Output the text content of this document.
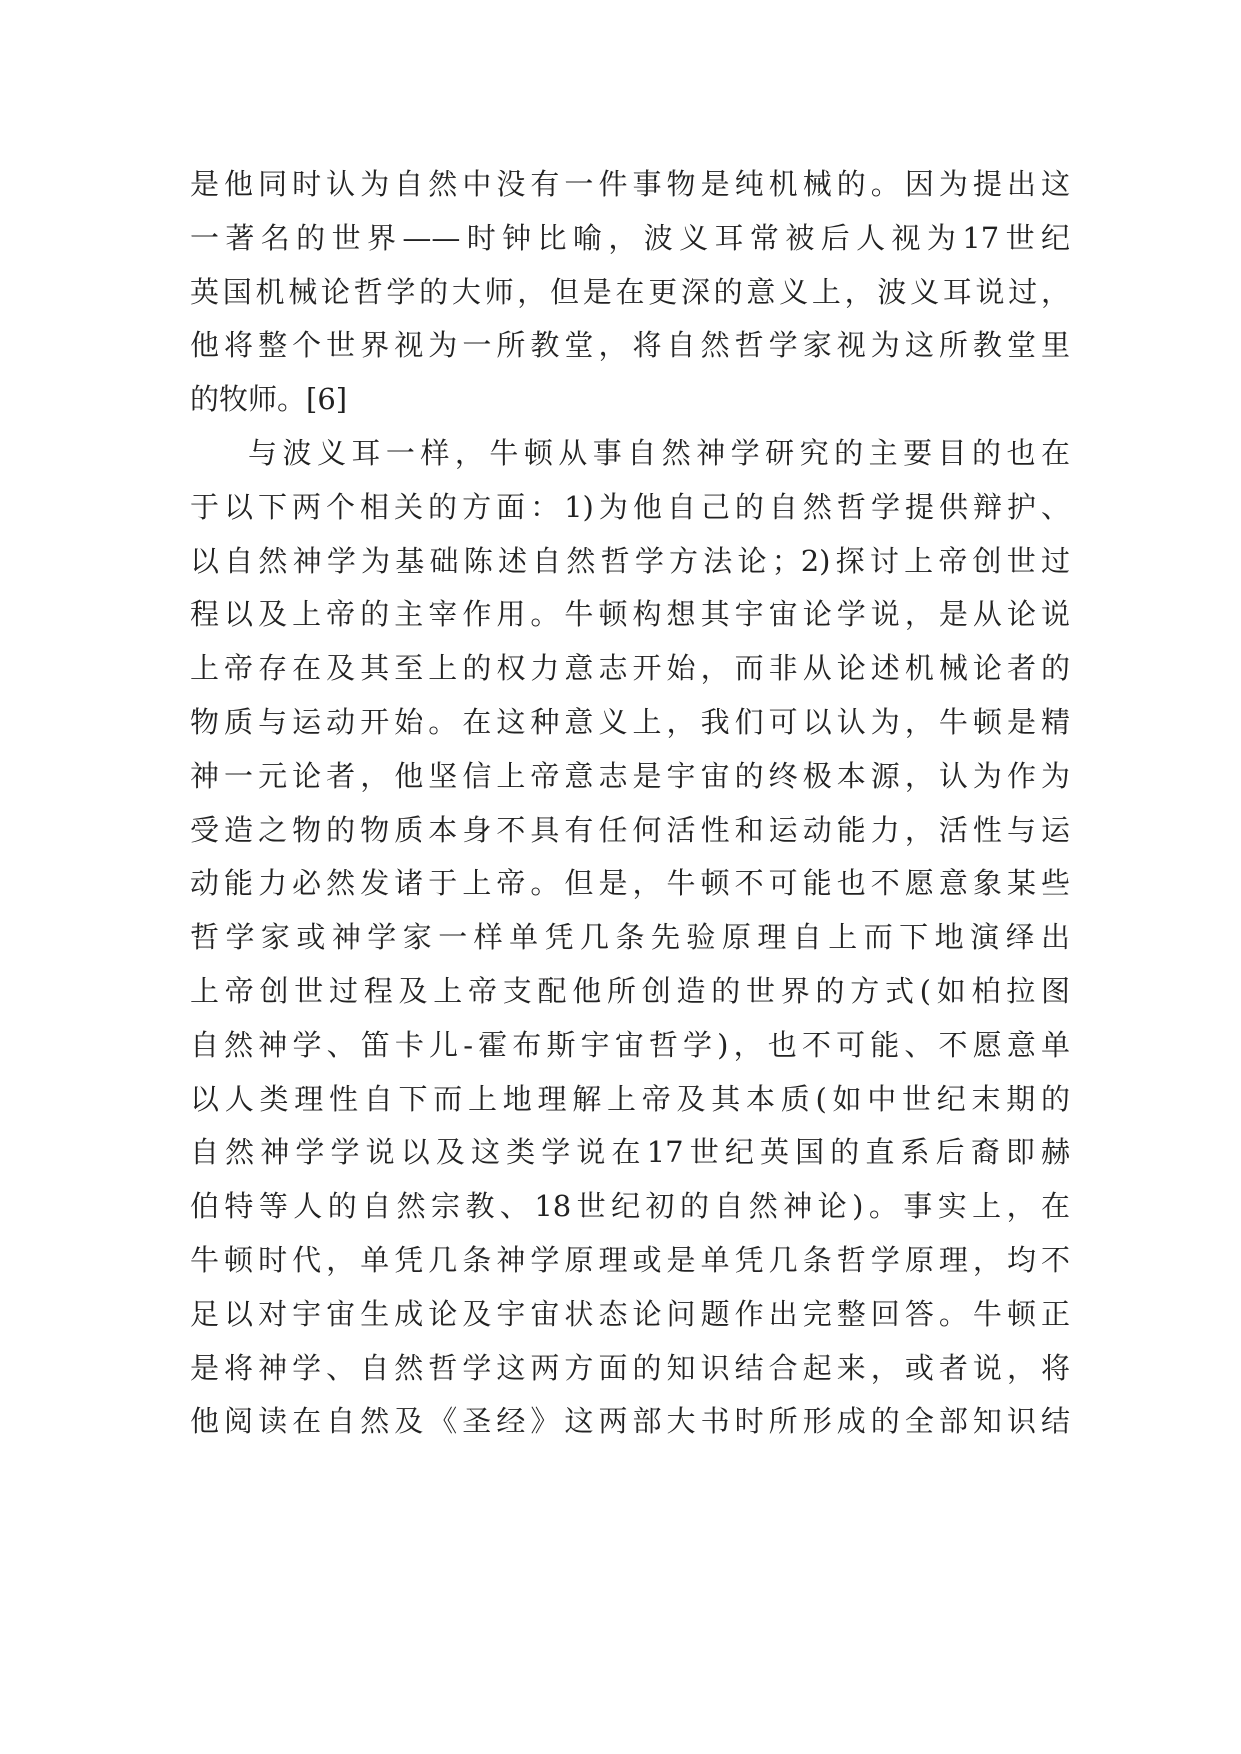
是他同时认为自然中没有一件事物是纯机械的。因为提出这
一著名的世界——时钟比喻，波义耳常被后人视为17世纪
英国机械论哲学的大师，但是在更深的意义上，波义耳说过，
他将整个世界视为一所教堂，将自然哲学家视为这所教堂里
的牧师。[6]
与波义耳一样，牛顿从事自然神学研究的主要目的也在
于以下两个相关的方面：1)为他自己的自然哲学提供辩护、
以自然神学为基础陈述自然哲学方法论；2)探讨上帝创世过
程以及上帝的主宰作用。牛顿构想其宇宙论学说，是从论说
上帝存在及其至上的权力意志开始，而非从论述机械论者的
物质与运动开始。在这种意义上，我们可以认为，牛顿是精
神一元论者，他坚信上帝意志是宇宙的终极本源，认为作为
受造之物的物质本身不具有任何活性和运动能力，活性与运
动能力必然发诸于上帝。但是，牛顿不可能也不愿意象某些
哲学家或神学家一样单凭几条先验原理自上而下地演绎出
上帝创世过程及上帝支配他所创造的世界的方式(如柏拉图
自然神学、笛卡儿-霍布斯宇宙哲学)，也不可能、不愿意单
以人类理性自下而上地理解上帝及其本质(如中世纪末期的
自然神学学说以及这类学说在17世纪英国的直系后裔即赫
伯特等人的自然宗教、18世纪初的自然神论)。事实上，在
牛顿时代，单凭几条神学原理或是单凭几条哲学原理，均不
足以对宇宙生成论及宇宙状态论问题作出完整回答。牛顿正
是将神学、自然哲学这两方面的知识结合起来，或者说，将
他阅读在自然及《圣经》这两部大书时所形成的全部知识结
